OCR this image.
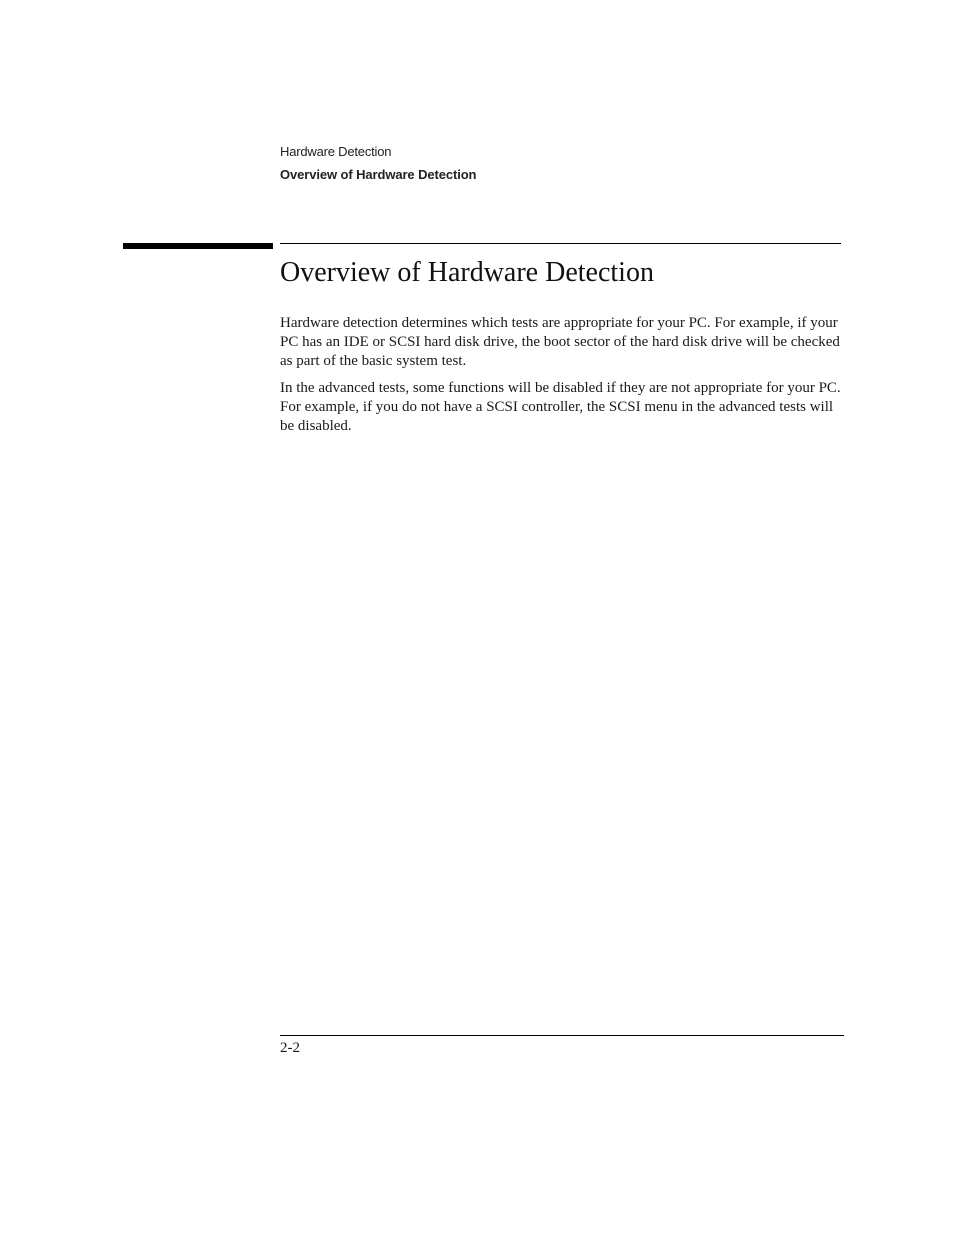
Hardware Detection
Overview of Hardware Detection
Overview of Hardware Detection

Hardware detection determines which tests are appropriate for your PC. For example, if your PC has an IDE or SCSI hard disk drive, the boot sector of the hard disk drive will be checked as part of the basic system test.

In the advanced tests, some functions will be disabled if they are not appropriate for your PC. For example, if you do not have a SCSI controller, the SCSI menu in the advanced tests will be disabled.

2-2
